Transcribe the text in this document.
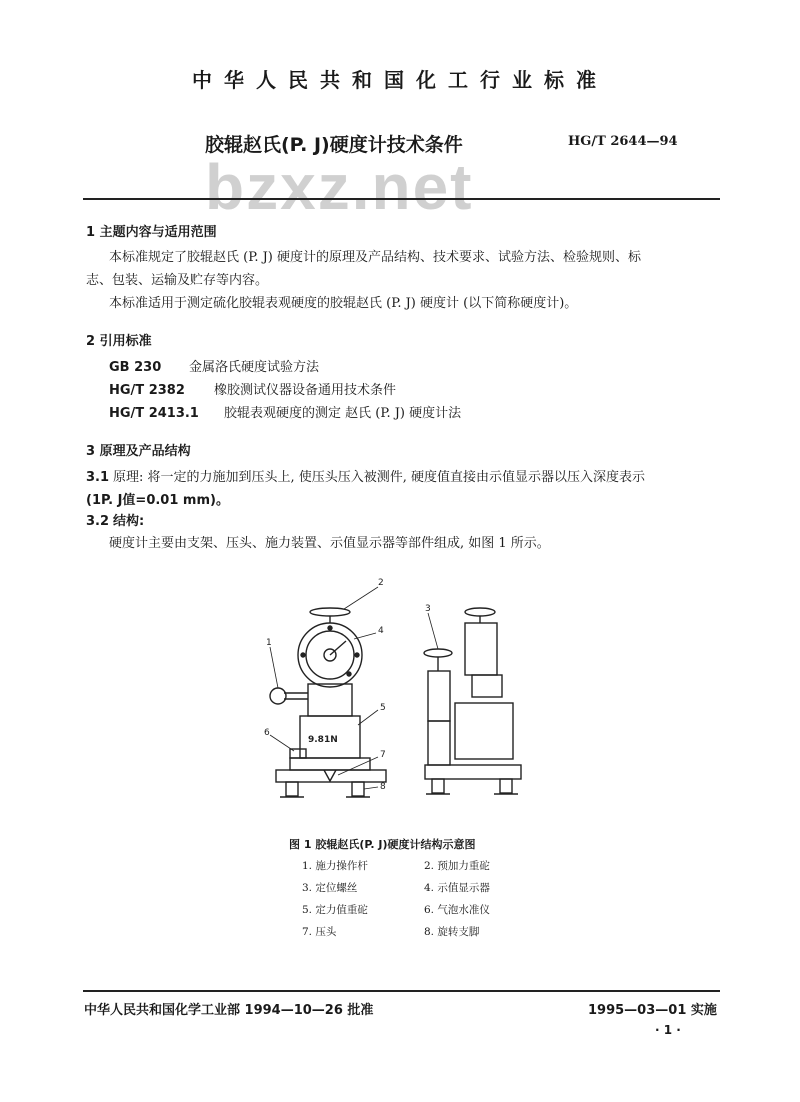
中华人民共和国化工行业标准
bzxz.net
胶辊赵氏(P. J)硬度计技术条件	HG/T 2644—94
1 主题内容与适用范围
本标准规定了胶辊赵氏 (P. J) 硬度计的原理及产品结构、技术要求、试验方法、检验规则、标
志、包装、运输及贮存等内容。
本标准适用于测定硫化胶辊表观硬度的胶辊赵氏 (P. J) 硬度计 (以下简称硬度计)。
2 引用标准
GB 230 金属洛氏硬度试验方法
HG/T 2382 橡胶测试仪器设备通用技术条件
HG/T 2413.1 胶辊表观硬度的测定 赵氏 (P. J) 硬度计法
3 原理及产品结构
3.1 原理: 将一定的力施加到压头上, 使压头压入被测件, 硬度值直接由示值显示器以压入深度表示
(1P. J值=0.01 mm)。
3.2 结构:
硬度计主要由支架、压头、施力装置、示值显示器等部件组成, 如图 1 所示。
9.81N
1
2
3
4
5
6
7
8
图 1 胶辊赵氏(P. J)硬度计结构示意图
1. 施力操作杆	2. 预加力重砣
3. 定位螺丝	4. 示值显示器
5. 定力值重砣	6. 气泡水准仪
7. 压头	8. 旋转支脚
中华人民共和国化学工业部 1994—10—26 批准	1995—03—01 实施
· 1 ·
